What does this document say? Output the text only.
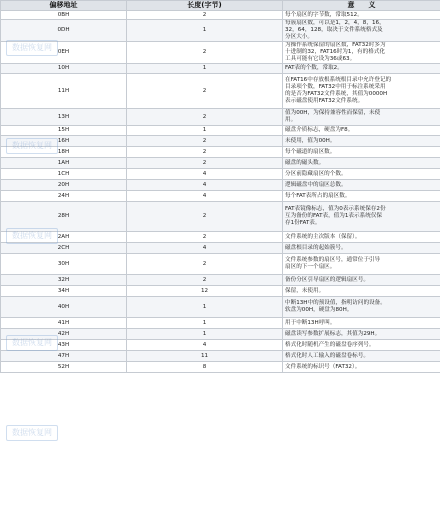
偏移地址	长度(字节)	意　　义
0BH	2	每个扇区的字节数，常取512。
0DH	1	每簇扇区数，可以是1，2，4，8，16，
32，64，128，取决于文件系统格式及
分区大小。
0EH	2	为操作系统保留的扇区数，FAT32时多为
十进制的32，FAT16时为1，有的格式化
工具可能有它设为36或63。
10H	1	FAT表的个数，常取2。
11H	2	在FAT16中存放根系统根目录中允许登记的
目录项个数，FAT32中用于标注系统采用
的是否为FAT32文件系统，其值为0000H
表示磁盘使用FAT32文件系统。
13H	2	值为00H，为保持兼容性而保留，未使
用。
15H	1	磁盘介质标志，硬盘为F8。
16H	2	未使用，值为00H。
18H	2	每个磁道的扇区数。
1AH	2	磁盘的磁头数。
1CH	4	分区前隐藏扇区的个数。
20H	4	逻辑磁盘中的扇区总数。
24H	4	每个FAT表所占的扇区数。
28H	2	FAT表镜像标志，值为0表示系统保存2份
互为备份的FAT表，值为1表示系统仅保
存1份FAT表。
2AH	2	文件系统的主次版本（保留）。
2CH	4	磁盘根目录的起始簇号。
30H	2	文件系统参数的扇区号，通常位于引导
扇区的下一个扇区。
32H	2	备份分区引导扇区的逻辑扇区号。
34H	12	保留，未使用。
40H	1	中断13H中的预设值，指明访问的设备。
软盘为00H，硬盘为80H。
41H	1	用于中断13H呼叫。
42H	1	磁盘读写参数扩展标志，其值为29H。
43H	4	格式化时随机产生的磁盘卷序列号。
47H	11	格式化时人工输入的磁盘卷标号。
52H	8	文件系统的标识号（FAT32）。
数据恢复网
数据恢复网
数据恢复网
数据恢复网
数据恢复网
